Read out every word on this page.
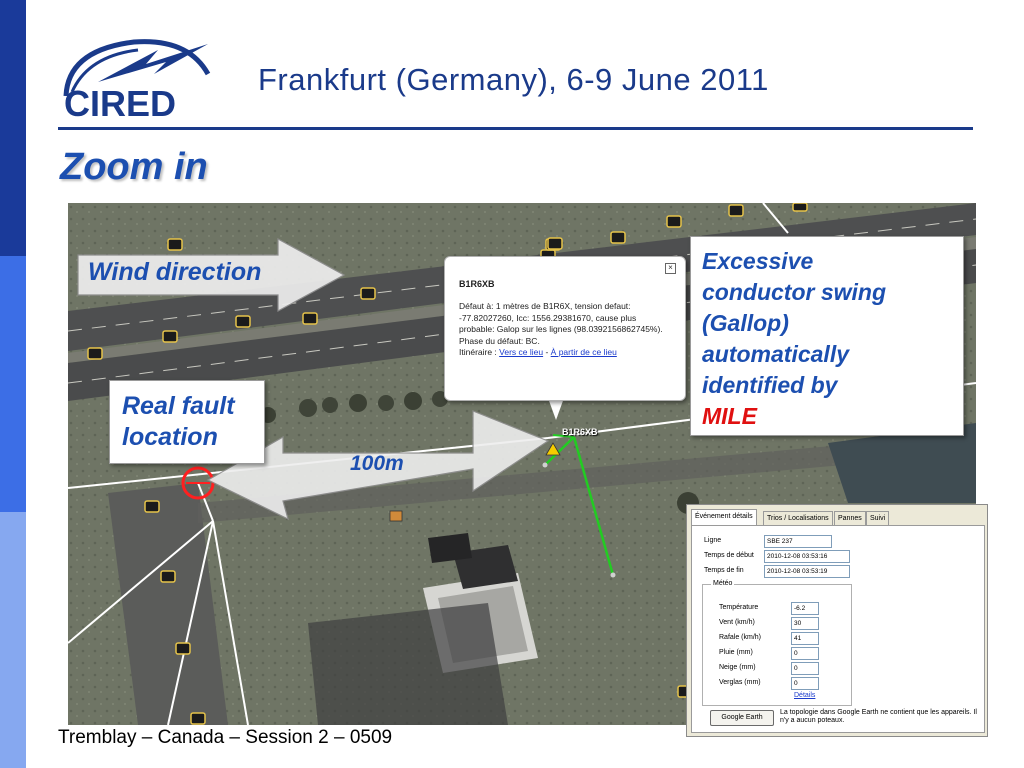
CIRED
Frankfurt (Germany), 6-9 June 2011
Zoom in
Wind direction
Real fault
location
100m
×
B1R6XB
Défaut à: 1 mètres de B1R6X, tension defaut: -77.82027260, Icc: 1556.29381670, cause plus probable: Galop sur les lignes (98.0392156862745%). Phase du défaut: BC.
Itinéraire : Vers ce lieu - À partir de ce lieu
B1R6XB
Excessive
conductor swing
(Gallop)
automatically
identified by
MILE
Événement détails	Trios / Localisations	Pannes	Suivi
Ligne	SBE 237
Temps de début	2010-12-08 03:53:16
Temps de fin	2010-12-08 03:53:19
Météo
Température	-6.2
Vent (km/h)	30
Rafale (km/h)	41
Pluie (mm)	0
Neige (mm)	0
Verglas (mm)	0
Détails
Google Earth
La topologie dans Google Earth ne contient que les appareils. Il n'y a aucun poteaux.
Tremblay – Canada – Session 2 – 0509
